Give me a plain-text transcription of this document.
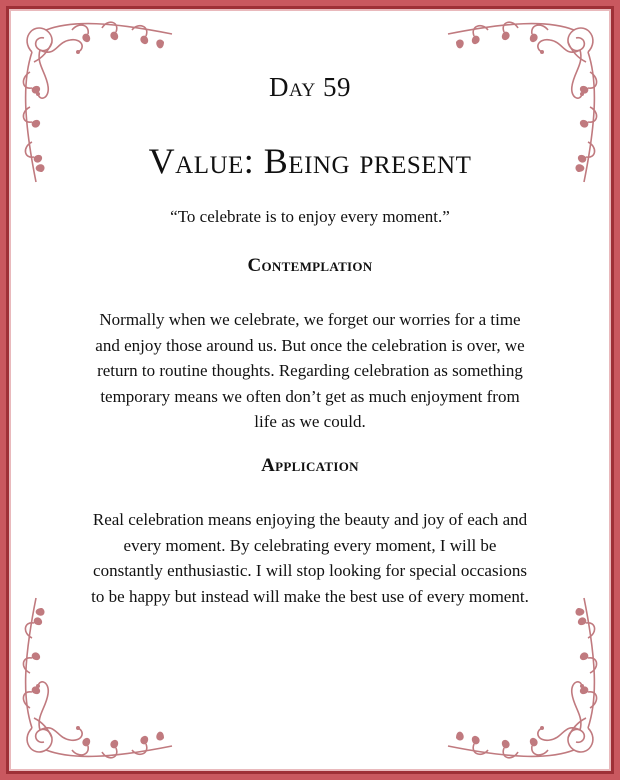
Day 59
Value: Being present
“To celebrate is to enjoy every moment.”
Contemplation
Normally when we celebrate, we forget our worries for a time
and enjoy those around us. But once the celebration is over, we
return to routine thoughts. Regarding celebration as something
temporary means we often don’t get as much enjoyment from
life as we could.
Application
Real celebration means enjoying the beauty and joy of each and
every moment. By celebrating every moment, I will be
constantly enthusiastic. I will stop looking for special occasions
to be happy but instead will make the best use of every moment.
